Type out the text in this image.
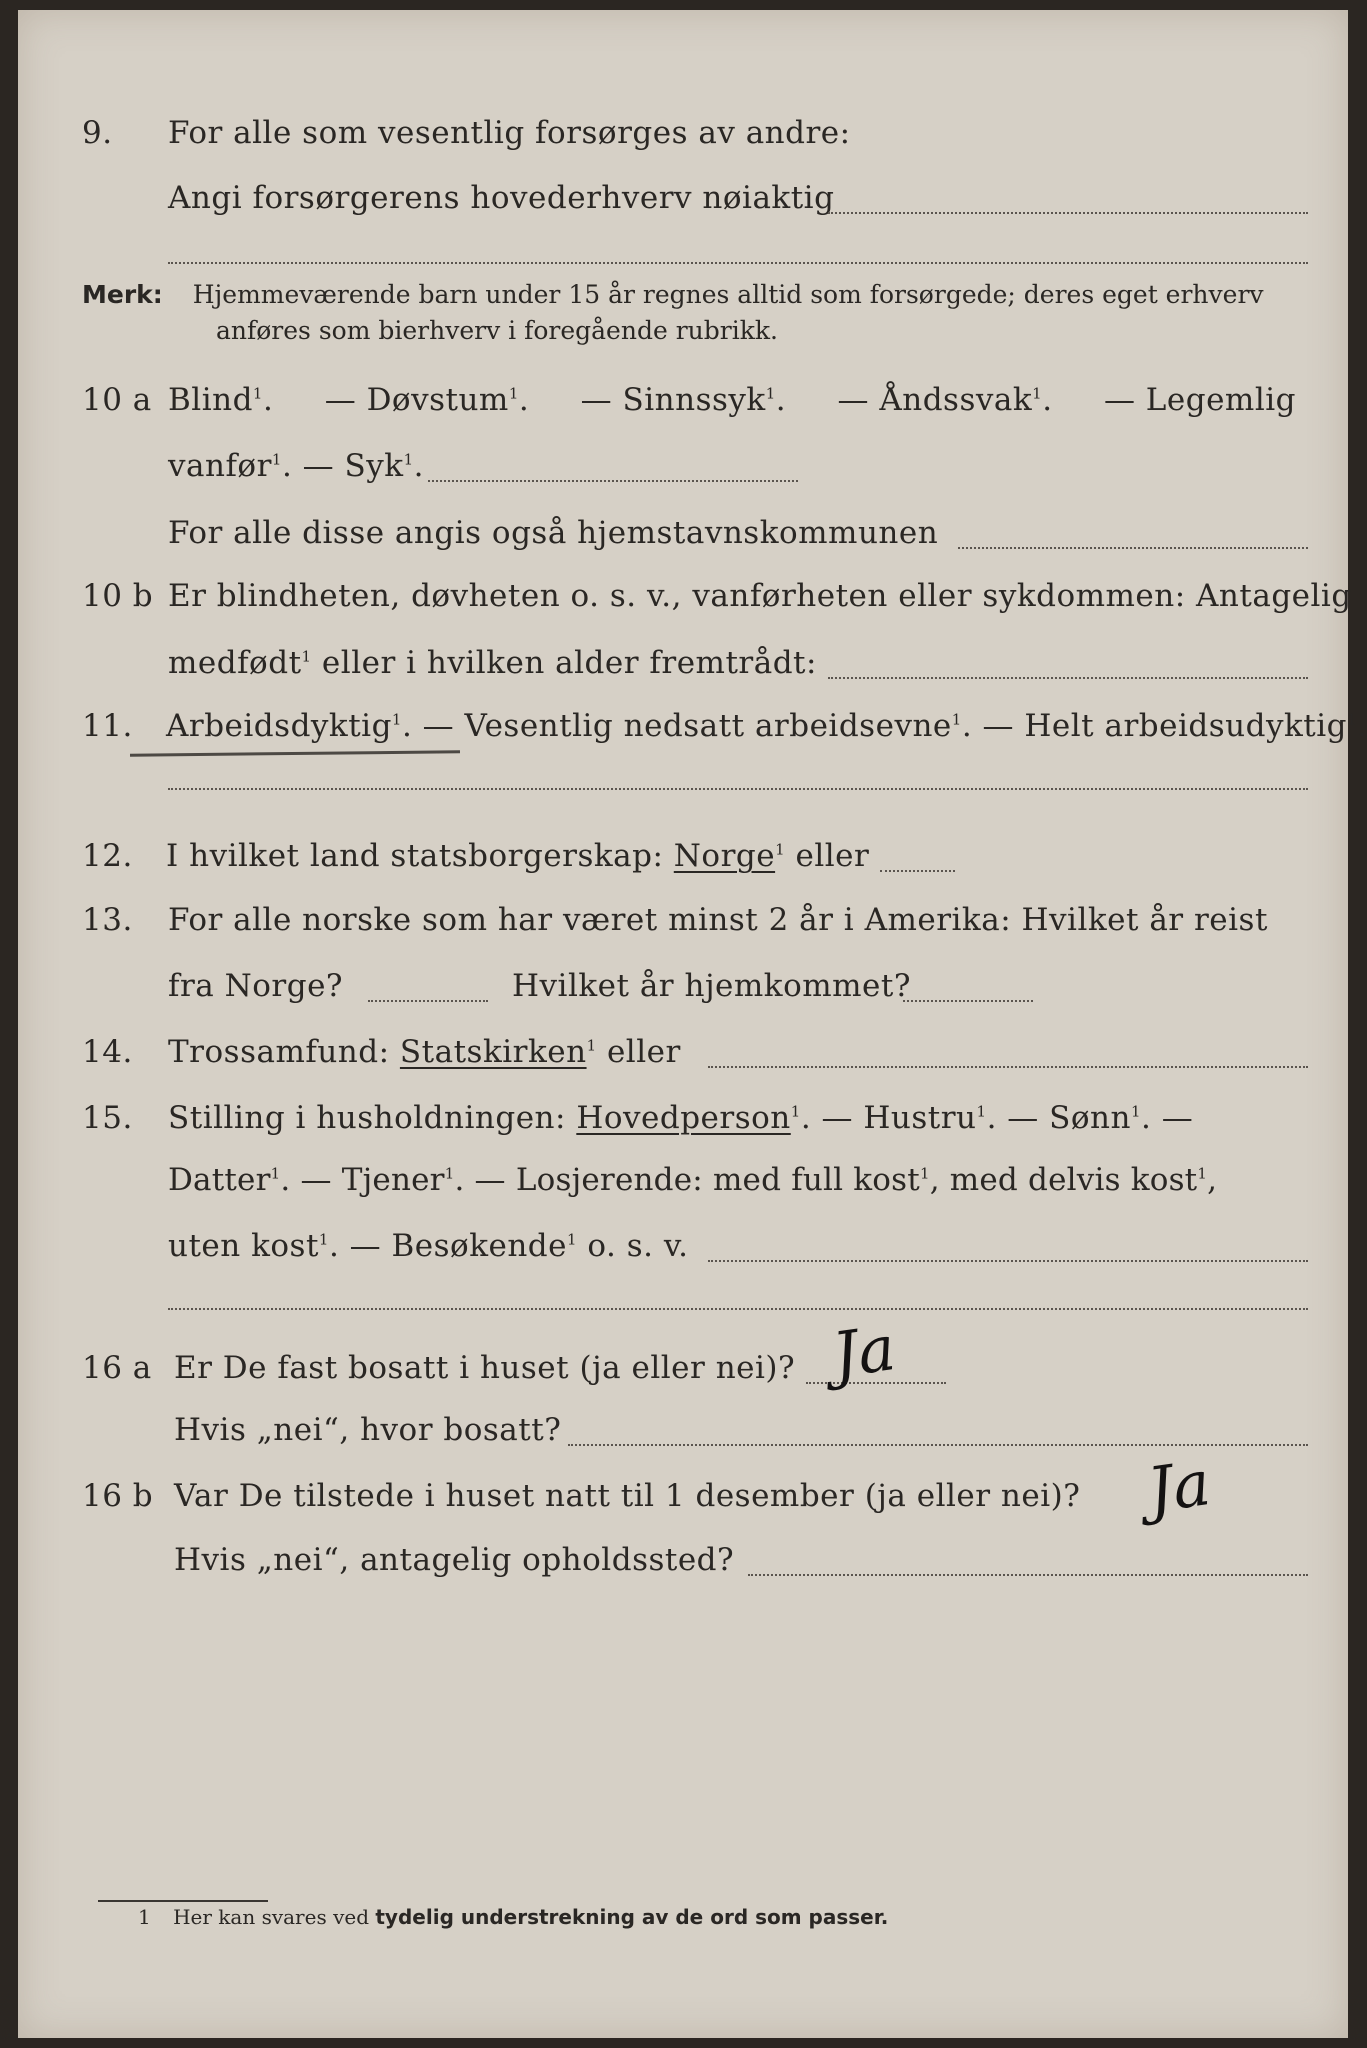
9. For alle som vesentlig forsørges av andre:
Angi forsørgerens hovederhverv nøiaktig
Merk: Hjemmeværende barn under 15 år regnes alltid som forsørgede; deres eget erhverv
anføres som bierhverv i foregående rubrikk.
10 a Blind$^1$. — Døvstum$^1$. — Sinnssyk$^1$. — Åndssvak$^1$. — Legemlig
vanfør$^1$. — Syk$^1$.
For alle disse angis også hjemstavnskommunen
10 b Er blindheten, døvheten o. s. v., vanførheten eller sykdommen: Antagelig
medfødt$^1$ eller i hvilken alder fremtrådt:
11. Arbeidsdyktig$^1$. — Vesentlig nedsatt arbeidsevne$^1$. — Helt arbeidsudyktig$^1$.
12. I hvilket land statsborgerskap: Norge$^1$ eller
13. For alle norske som har været minst 2 år i Amerika: Hvilket år reist
fra Norge?	Hvilket år hjemkommet?
14. Trossamfund: Statskirken$^1$ eller
15. Stilling i husholdningen: Hovedperson$^1$. — Hustru$^1$. — Sønn$^1$. —
Datter$^1$. — Tjener$^1$. — Losjerende: med full kost$^1$, med delvis kost$^1$,
uten kost$^1$. — Besøkende$^1$ o. s. v.
16 a Er De fast bosatt i huset (ja eller nei)? Ja
Hvis „nei“, hvor bosatt?
16 b Var De tilstede i huset natt til 1 desember (ja eller nei)? Ja
Hvis „nei“, antagelig opholdssted?
1 Her kan svares ved tydelig understrekning av de ord som passer.
